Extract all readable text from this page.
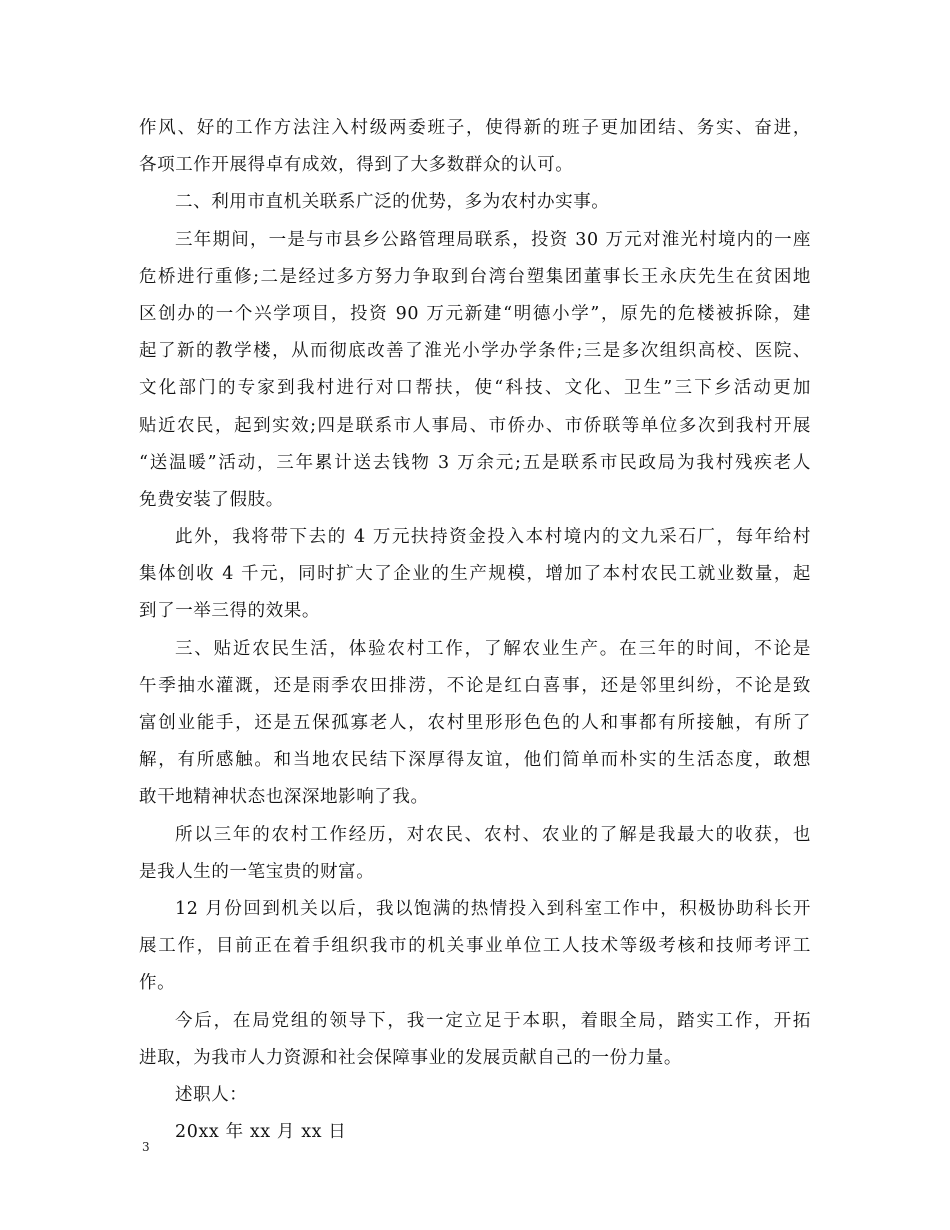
作风、好的工作方法注入村级两委班子，使得新的班子更加团结、务实、奋进，
各项工作开展得卓有成效，得到了大多数群众的认可。
二、利用市直机关联系广泛的优势，多为农村办实事。
三年期间，一是与市县乡公路管理局联系，投资 30 万元对淮光村境内的一座
危桥进行重修;二是经过多方努力争取到台湾台塑集团董事长王永庆先生在贫困地
区创办的一个兴学项目，投资 90 万元新建“明德小学”，原先的危楼被拆除，建
起了新的教学楼，从而彻底改善了淮光小学办学条件;三是多次组织高校、医院、
文化部门的专家到我村进行对口帮扶，使“科技、文化、卫生”三下乡活动更加
贴近农民，起到实效;四是联系市人事局、市侨办、市侨联等单位多次到我村开展
“送温暖”活动，三年累计送去钱物 3 万余元;五是联系市民政局为我村残疾老人
免费安装了假肢。
此外，我将带下去的 4 万元扶持资金投入本村境内的文九采石厂，每年给村
集体创收 4 千元，同时扩大了企业的生产规模，增加了本村农民工就业数量，起
到了一举三得的效果。
三、贴近农民生活，体验农村工作，了解农业生产。在三年的时间，不论是
午季抽水灌溉，还是雨季农田排涝，不论是红白喜事，还是邻里纠纷，不论是致
富创业能手，还是五保孤寡老人，农村里形形色色的人和事都有所接触，有所了
解，有所感触。和当地农民结下深厚得友谊，他们简单而朴实的生活态度，敢想
敢干地精神状态也深深地影响了我。
所以三年的农村工作经历，对农民、农村、农业的了解是我最大的收获，也
是我人生的一笔宝贵的财富。
12 月份回到机关以后，我以饱满的热情投入到科室工作中，积极协助科长开
展工作，目前正在着手组织我市的机关事业单位工人技术等级考核和技师考评工
作。
今后，在局党组的领导下，我一定立足于本职，着眼全局，踏实工作，开拓
进取，为我市人力资源和社会保障事业的发展贡献自己的一份力量。
述职人：
20xx 年 xx 月 xx 日
3
